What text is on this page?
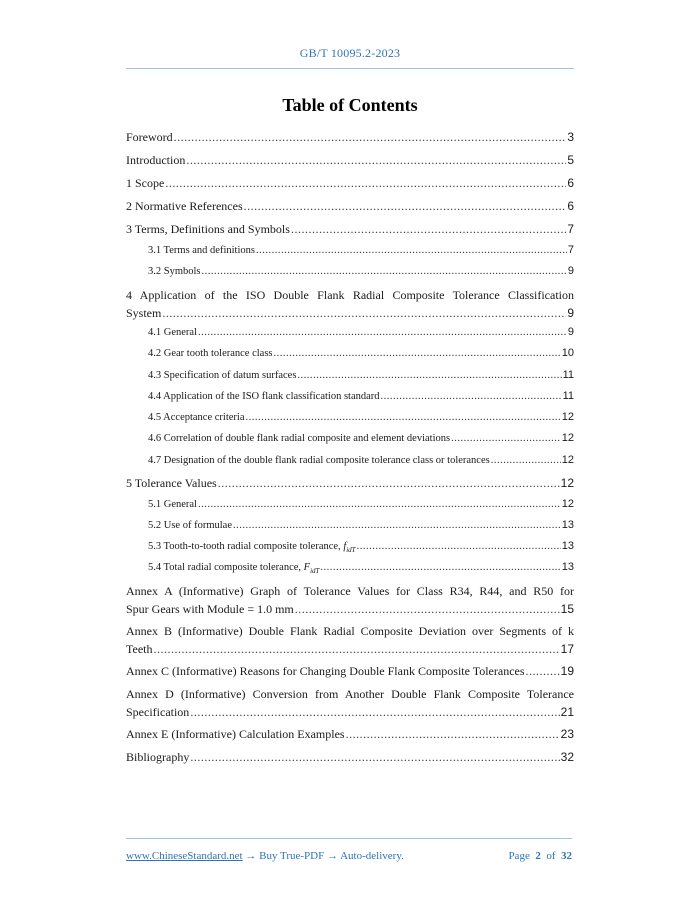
GB/T 10095.2-2023
Table of Contents
Foreword .....	3
Introduction .....	5
1 Scope .....	6
2 Normative References .....	6
3 Terms, Definitions and Symbols .....	7
3.1 Terms and definitions .....	7
3.2 Symbols .....	9
4 Application of the ISO Double Flank Radial Composite Tolerance Classification
System .....	9
4.1 General .....	9
4.2 Gear tooth tolerance class .....	10
4.3 Specification of datum surfaces .....	11
4.4 Application of the ISO flank classification standard .....	11
4.5 Acceptance criteria .....	12
4.6 Correlation of double flank radial composite and element deviations .....	12
4.7 Designation of the double flank radial composite tolerance class or tolerances .....	12
5 Tolerance Values .....	12
5.1 General .....	12
5.2 Use of formulae .....	13
5.3 Tooth-to-tooth radial composite tolerance, $f_{idT}$ .....	13
5.4 Total radial composite tolerance, $F_{idT}$ .....	13
Annex A (Informative) Graph of Tolerance Values for Class R34, R44, and R50 for
Spur Gears with Module = 1.0 mm .....	15
Annex B (Informative) Double Flank Radial Composite Deviation over Segments of k
Teeth .....	17
Annex C (Informative) Reasons for Changing Double Flank Composite Tolerances .....	19
Annex D (Informative) Conversion from Another Double Flank Composite Tolerance
Specification .....	21
Annex E (Informative) Calculation Examples .....	23
Bibliography .....	32
www.ChineseStandard.net → Buy True-PDF → Auto-delivery.	Page 2 of 32
